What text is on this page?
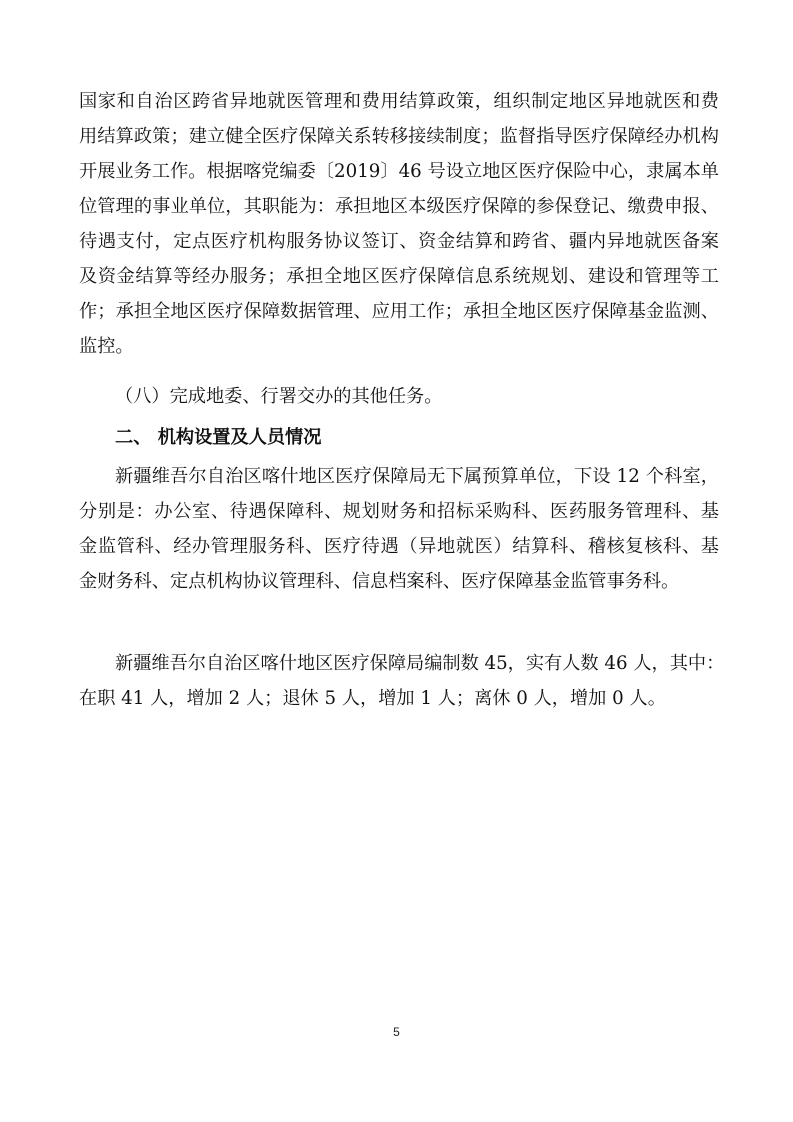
国家和自治区跨省异地就医管理和费用结算政策，组织制定地区异地就医和费
用结算政策；建立健全医疗保障关系转移接续制度；监督指导医疗保障经办机构
开展业务工作。根据喀党编委〔2019〕46 号设立地区医疗保险中心，隶属本单
位管理的事业单位，其职能为：承担地区本级医疗保障的参保登记、缴费申报、
待遇支付，定点医疗机构服务协议签订、资金结算和跨省、疆内异地就医备案
及资金结算等经办服务；承担全地区医疗保障信息系统规划、建设和管理等工
作；承担全地区医疗保障数据管理、应用工作；承担全地区医疗保障基金监测、
监控。
（八）完成地委、行署交办的其他任务。
二、 机构设置及人员情况
新疆维吾尔自治区喀什地区医疗保障局无下属预算单位，下设 12 个科室，
分别是：办公室、待遇保障科、规划财务和招标采购科、医药服务管理科、基
金监管科、经办管理服务科、医疗待遇（异地就医）结算科、稽核复核科、基
金财务科、定点机构协议管理科、信息档案科、医疗保障基金监管事务科。
新疆维吾尔自治区喀什地区医疗保障局编制数 45，实有人数 46 人，其中：
在职 41 人，增加 2 人；退休 5 人，增加 1 人；离休 0 人，增加 0 人。
5
